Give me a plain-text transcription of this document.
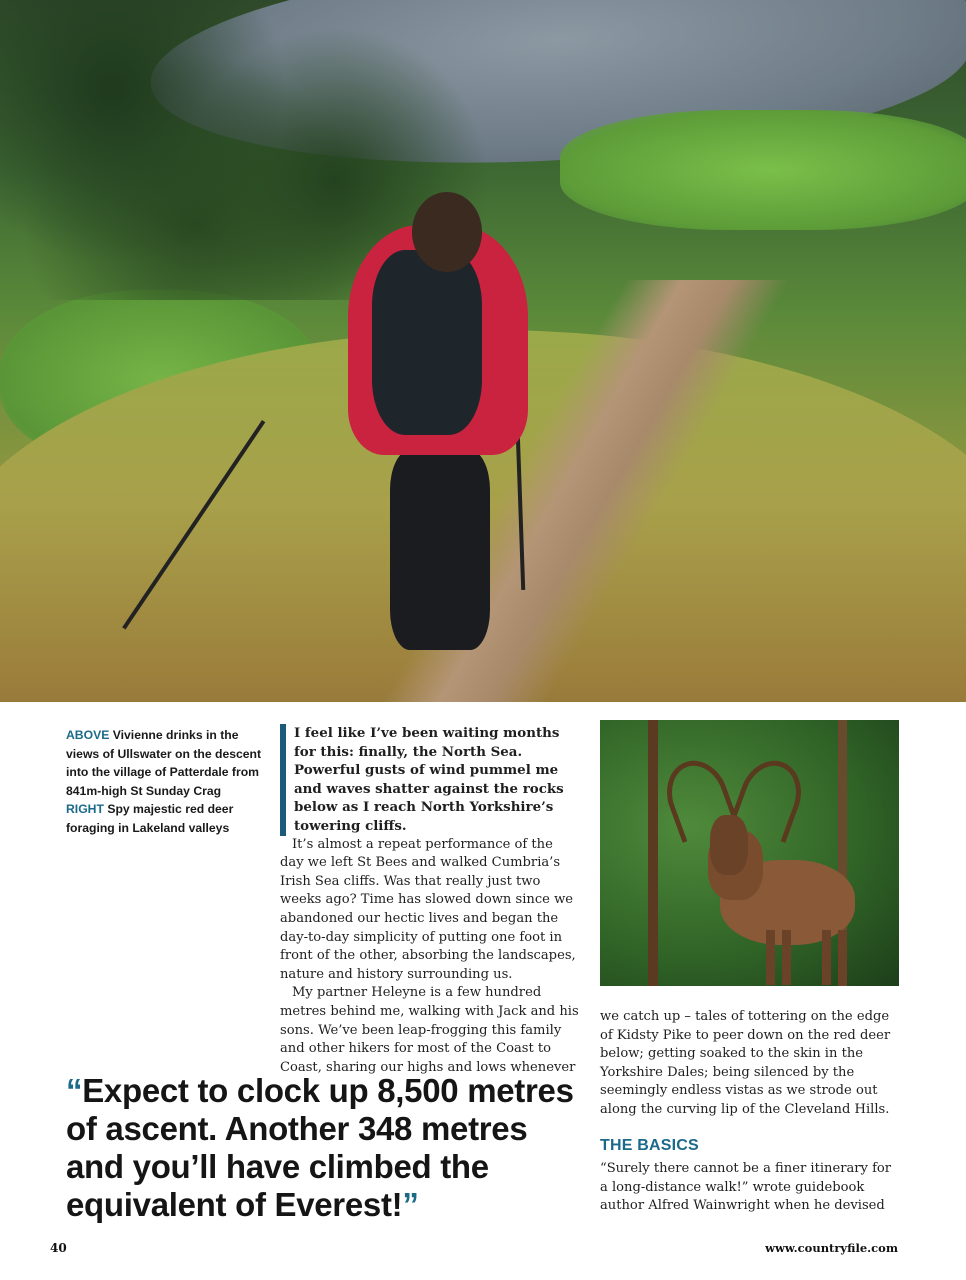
ABOVE Vivienne drinks in the views of Ullswater on the descent into the village of Patterdale from 841m-high St Sunday Crag
RIGHT Spy majestic red deer foraging in Lakeland valleys
I feel like I’ve been waiting months for this: finally, the North Sea. Powerful gusts of wind pummel me and waves shatter against the rocks below as I reach North Yorkshire’s towering cliffs.

It’s almost a repeat performance of the day we left St Bees and walked Cumbria’s Irish Sea cliffs. Was that really just two weeks ago? Time has slowed down since we abandoned our hectic lives and began the day-to-day simplicity of putting one foot in front of the other, absorbing the landscapes, nature and history surrounding us.

My partner Heleyne is a few hundred metres behind me, walking with Jack and his sons. We’ve been leap-frogging this family and other hikers for most of the Coast to Coast, sharing our highs and lows whenever

we catch up – tales of tottering on the edge of Kidsty Pike to peer down on the red deer below; getting soaked to the skin in the Yorkshire Dales; being silenced by the seemingly endless vistas as we strode out along the curving lip of the Cleveland Hills.

THE BASICS
“Surely there cannot be a finer itinerary for a long-distance walk!” wrote guidebook author Alfred Wainwright when he devised
“Expect to clock up 8,500 metres of ascent. Another 348 metres and you’ll have climbed the equivalent of Everest!”
40	www.countryfile.com
